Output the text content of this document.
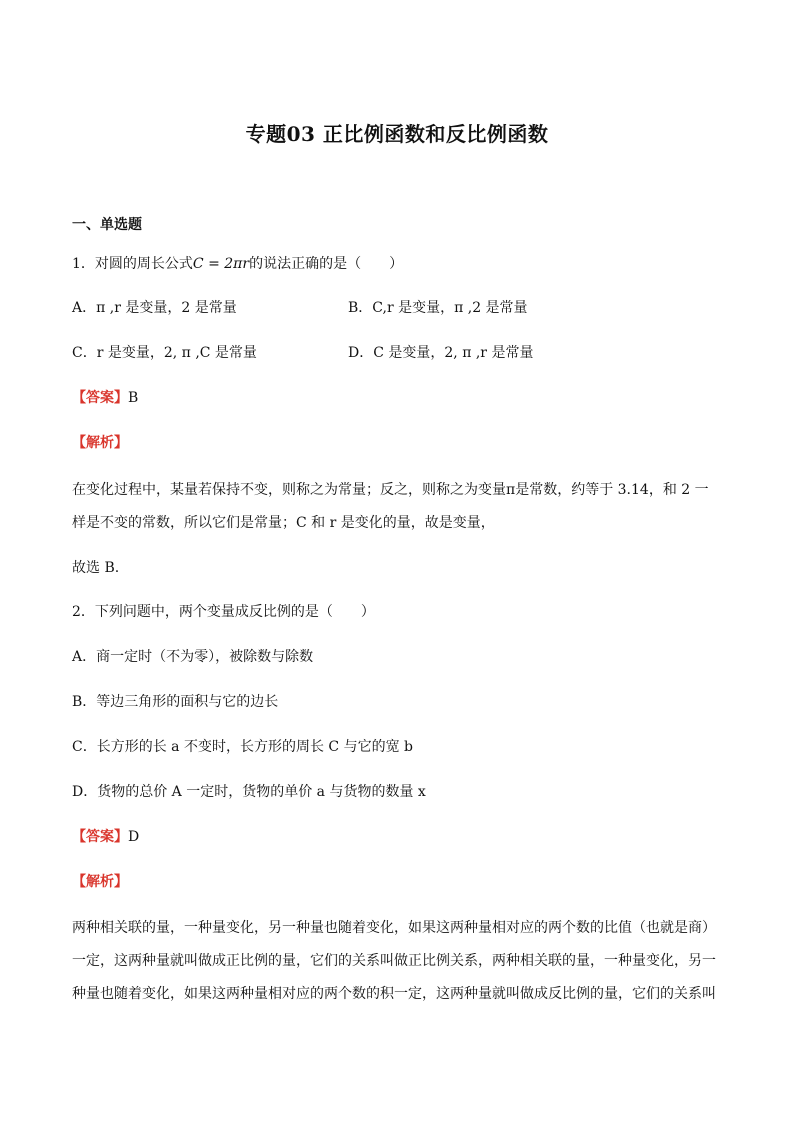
专题03 正比例函数和反比例函数
一、单选题
1．对圆的周长公式C = 2πr的说法正确的是（　　）
A．π ,r 是变量，2 是常量	B．C,r 是变量，π ,2 是常量
C．r 是变量，2, π ,C 是常量	D．C 是变量，2, π ,r 是常量
【答案】B
【解析】
在变化过程中，某量若保持不变，则称之为常量；反之，则称之为变量π是常数，约等于 3.14，和 2 一样是不变的常数，所以它们是常量；C 和 r 是变化的量，故是变量，
故选 B.
2．下列问题中，两个变量成反比例的是（　　）
A．商一定时（不为零），被除数与除数
B．等边三角形的面积与它的边长
C．长方形的长 a 不变时，长方形的周长 C 与它的宽 b
D．货物的总价 A 一定时，货物的单价 a 与货物的数量 x
【答案】D
【解析】
两种相关联的量，一种量变化，另一种量也随着变化，如果这两种量相对应的两个数的比值（也就是商）一定，这两种量就叫做成正比例的量，它们的关系叫做正比例关系，两种相关联的量，一种量变化，另一种量也随着变化，如果这两种量相对应的两个数的积一定，这两种量就叫做成反比例的量，它们的关系叫
